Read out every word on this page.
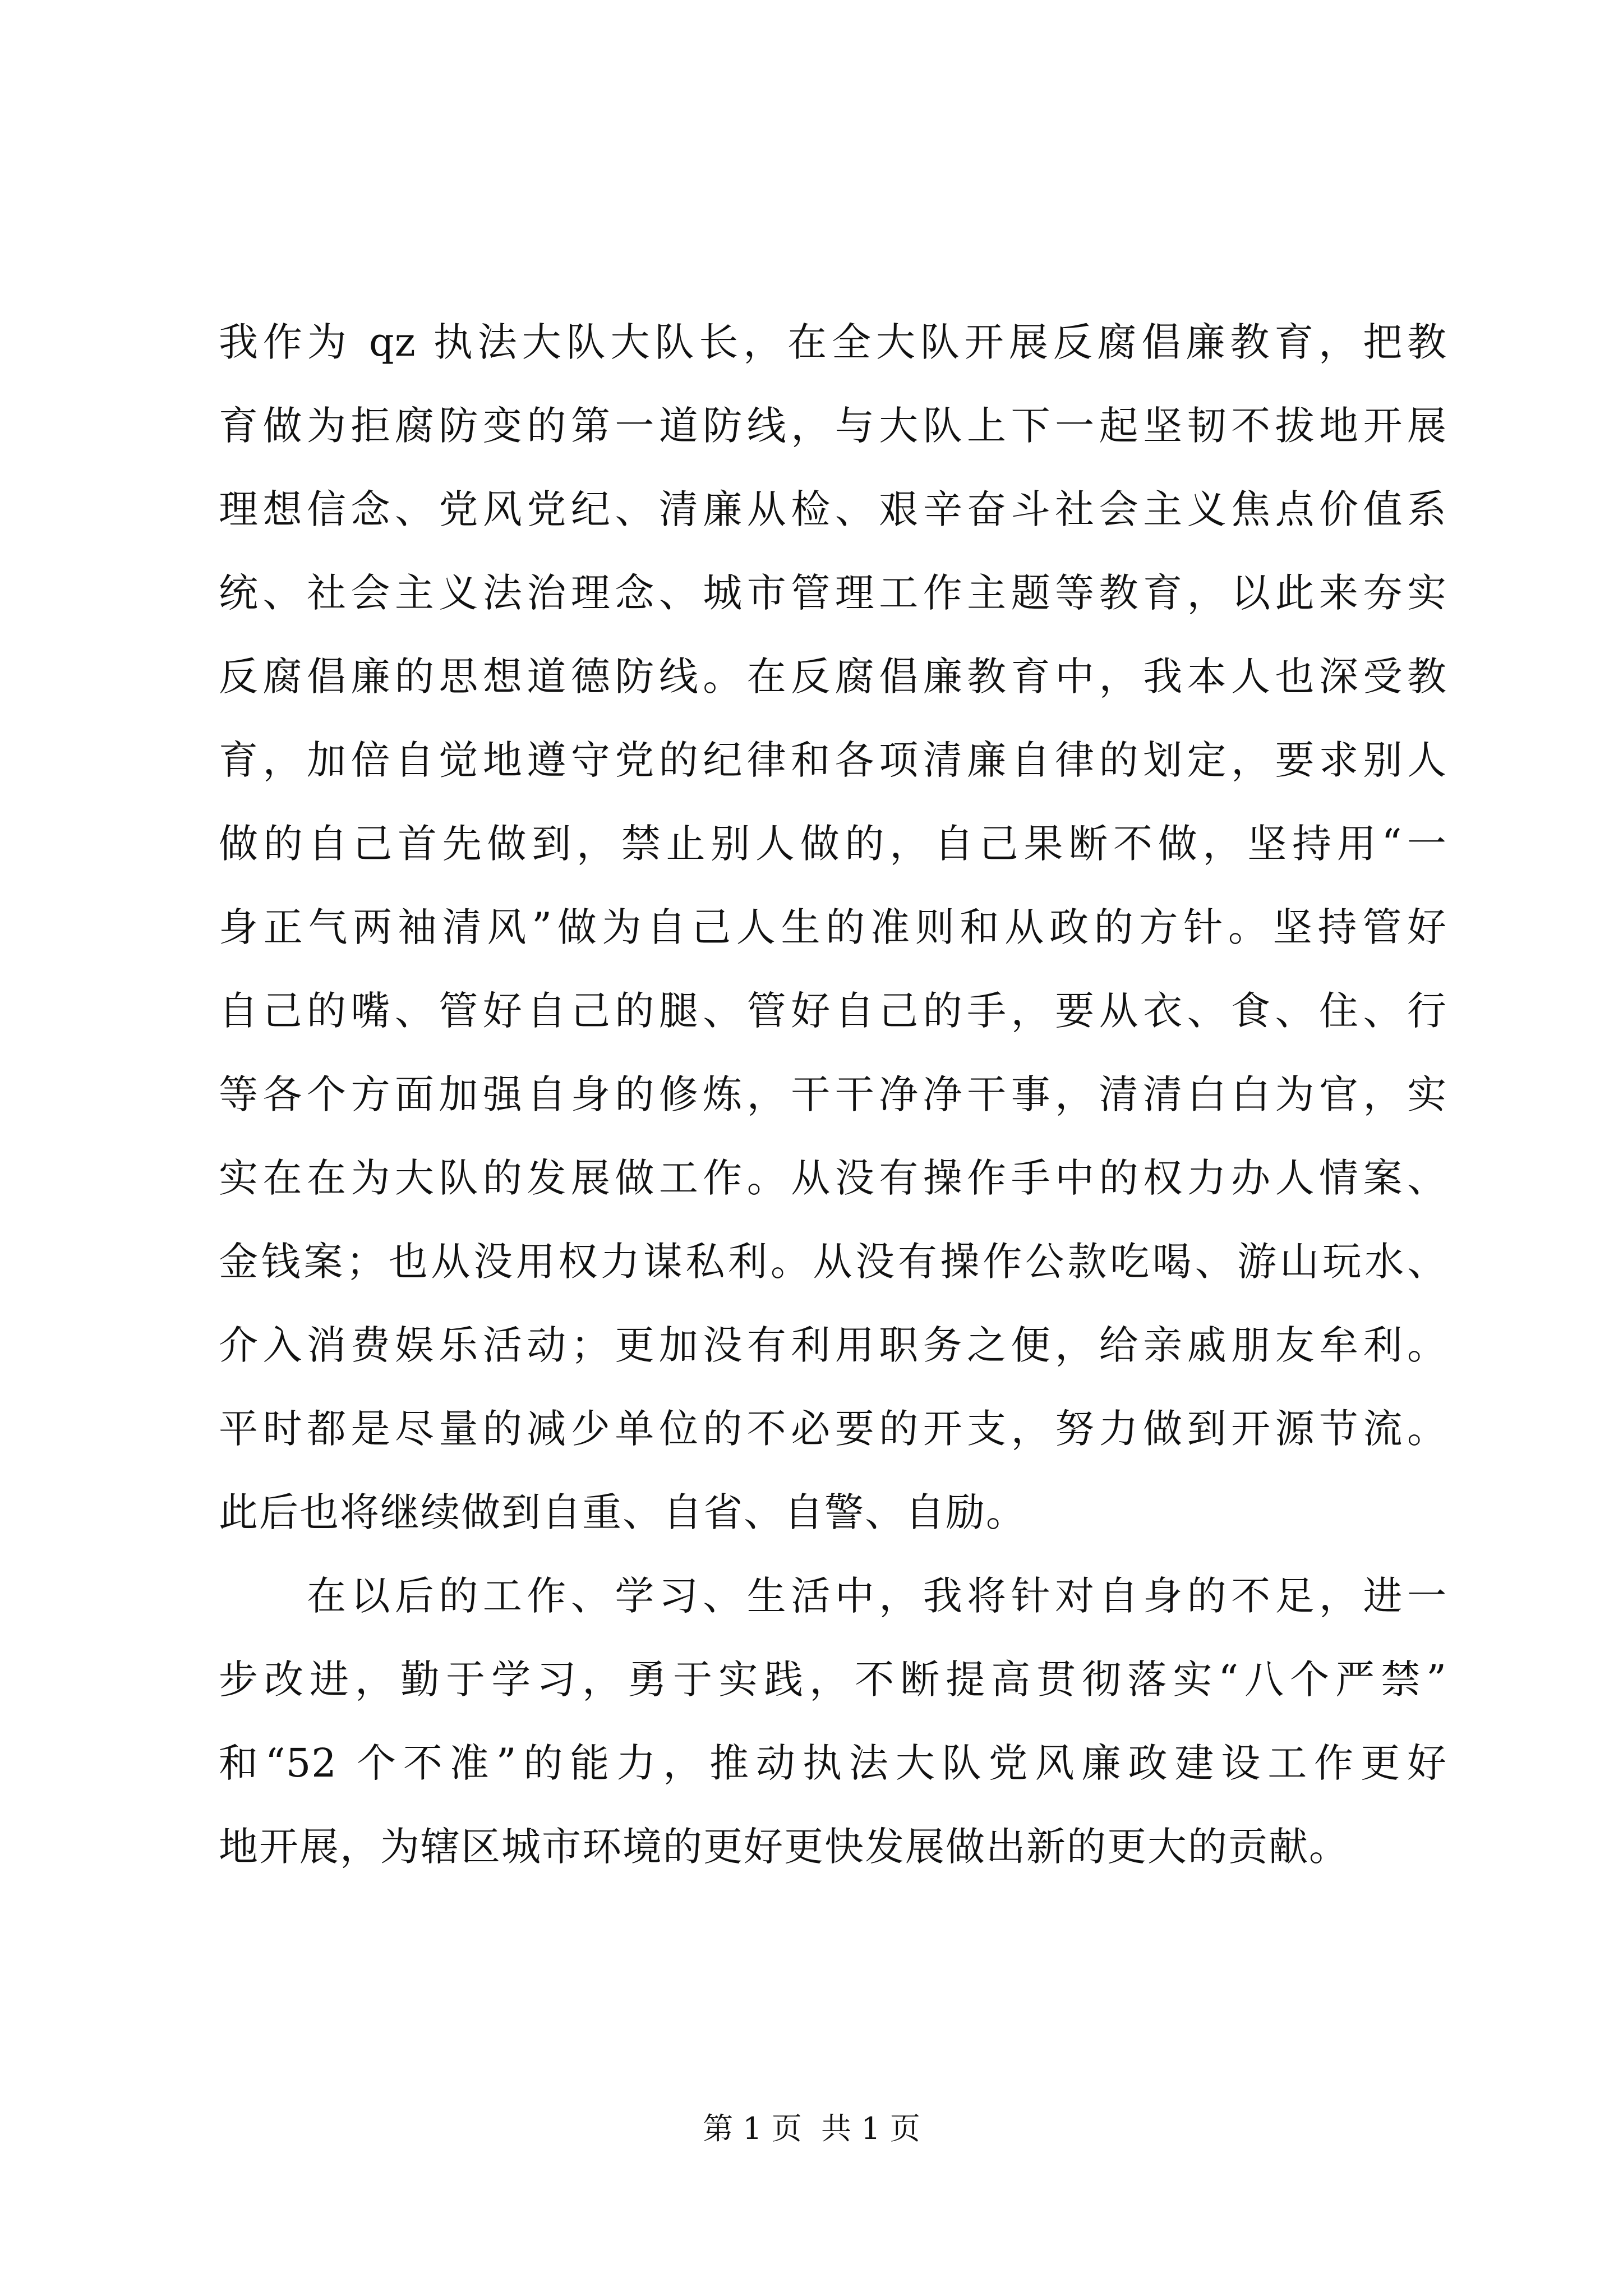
我作为 qz 执法大队大队长，在全大队开展反腐倡廉教育，把教
育做为拒腐防变的第一道防线，与大队上下一起坚韧不拔地开展
理想信念、党风党纪、清廉从检、艰辛奋斗社会主义焦点价值系
统、社会主义法治理念、城市管理工作主题等教育，以此来夯实
反腐倡廉的思想道德防线。在反腐倡廉教育中，我本人也深受教
育，加倍自觉地遵守党的纪律和各项清廉自律的划定，要求别人
做的自己首先做到，禁止别人做的，自己果断不做，坚持用“一
身正气两袖清风”做为自己人生的准则和从政的方针。坚持管好
自己的嘴、管好自己的腿、管好自己的手，要从衣、食、住、行
等各个方面加强自身的修炼，干干净净干事，清清白白为官，实
实在在为大队的发展做工作。从没有操作手中的权力办人情案、
金钱案；也从没用权力谋私利。从没有操作公款吃喝、游山玩水、
介入消费娱乐活动；更加没有利用职务之便，给亲戚朋友牟利。
平时都是尽量的减少单位的不必要的开支，努力做到开源节流。
此后也将继续做到自重、自省、自警、自励。
　　在以后的工作、学习、生活中，我将针对自身的不足，进一
步改进，勤于学习，勇于实践，不断提高贯彻落实“八个严禁”
和“52 个不准”的能力，推动执法大队党风廉政建设工作更好
地开展，为辖区城市环境的更好更快发展做出新的更大的贡献。
第 1 页  共 1 页
